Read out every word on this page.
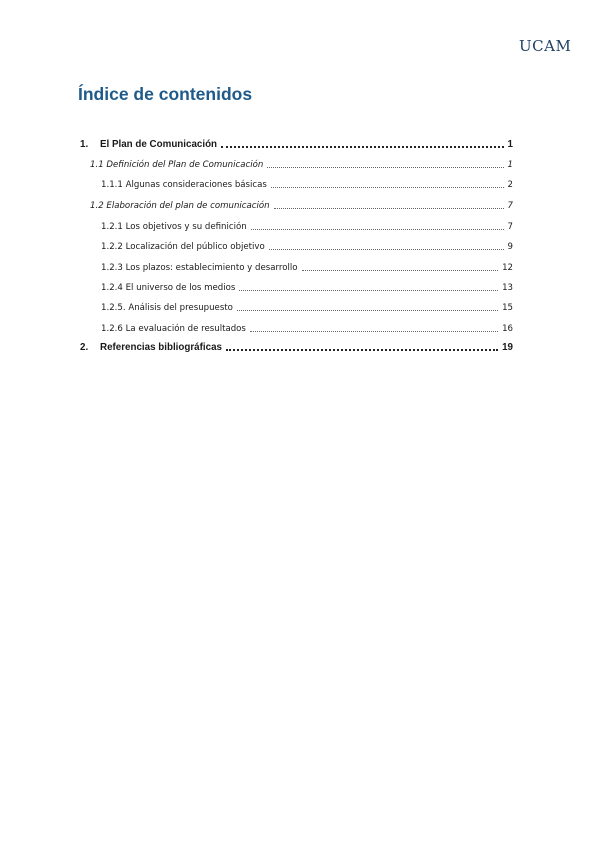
UCAM
Índice de contenidos
1.	El Plan de Comunicación	1
1.1 Definición del Plan de Comunicación	1
1.1.1 Algunas consideraciones básicas	2
1.2 Elaboración del plan de comunicación	7
1.2.1 Los objetivos y su definición	7
1.2.2 Localización del público objetivo	9
1.2.3 Los plazos: establecimiento y desarrollo	12
1.2.4 El universo de los medios	13
1.2.5. Análisis del presupuesto	15
1.2.6 La evaluación de resultados	16
2.	Referencias bibliográficas	19
